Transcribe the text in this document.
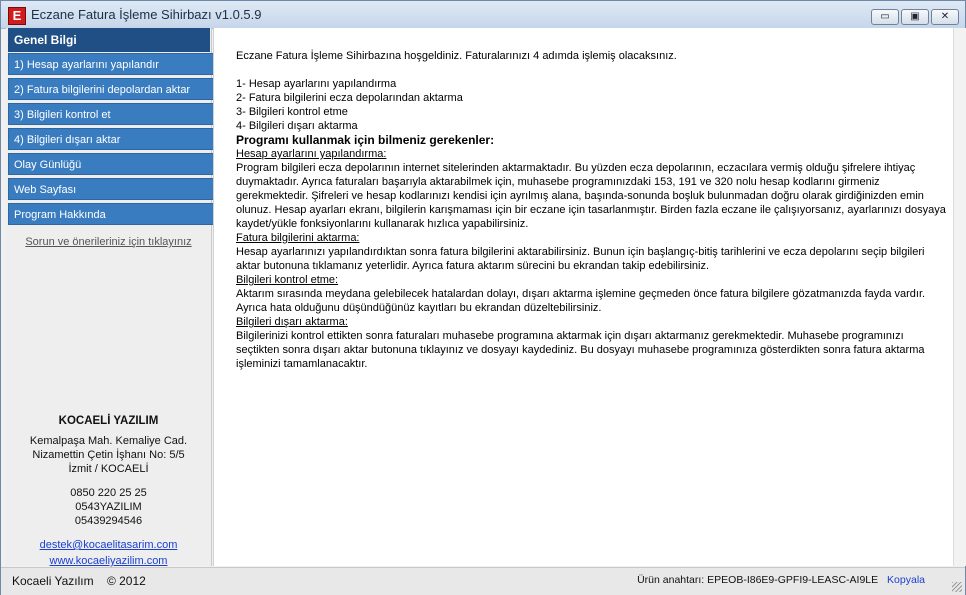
E Eczane Fatura İşleme Sihirbazı v1.0.5.9	▭	▣	✕
Genel Bilgi
1) Hesap ayarlarını yapılandır
2) Fatura bilgilerini depolardan aktar
3) Bilgileri kontrol et
4) Bilgileri dışarı aktar
Olay Günlüğü
Web Sayfası
Program Hakkında
Sorun ve önerileriniz için tıklayınız
KOCAELİ YAZILIM
Kemalpaşa Mah. Kemaliye Cad.
Nizamettin Çetin İşhanı No: 5/5
İzmit / KOCAELİ
0850 220 25 25
0543YAZILIM
05439294546
destek@kocaelitasarim.com
www.kocaeliyazilim.com

Eczane Fatura İşleme Sihirbazına hoşgeldiniz. Faturalarınızı 4 adımda işlemiş olacaksınız.

1- Hesap ayarlarını yapılandırma

2- Fatura bilgilerini ecza depolarından aktarma

3- Bilgileri kontrol etme

4- Bilgileri dışarı aktarma

Programı kullanmak için bilmeniz gerekenler:

Hesap ayarlarını yapılandırma:

Program bilgileri ecza depolarının internet sitelerinden aktarmaktadır. Bu yüzden ecza depolarının, eczacılara vermiş olduğu şifrelere ihtiyaç duymaktadır. Ayrıca faturaları başarıyla aktarabilmek için, muhasebe programınızdaki 153, 191 ve 320 nolu hesap kodlarını girmeniz gerekmektedir. Şifreleri ve hesap kodlarınızı kendisi için ayrılmış alana, başında-sonunda boşluk bulunmadan doğru olarak girdiğinizden emin olunuz. Hesap ayarları ekranı, bilgilerin karışmaması için bir eczane için tasarlanmıştır. Birden fazla eczane ile çalışıyorsanız, ayarlarınızı dosyaya kaydet/yükle fonksiyonlarını kullanarak hızlıca yapabilirsiniz.

Fatura bilgilerini aktarma:

Hesap ayarlarınızı yapılandırdıktan sonra fatura bilgilerini aktarabilirsiniz. Bunun için başlangıç-bitiş tarihlerini ve ecza depolarını seçip bilgileri aktar butonuna tıklamanız yeterlidir. Ayrıca fatura aktarım sürecini bu ekrandan takip edebilirsiniz.

Bilgileri kontrol etme:

Aktarım sırasında meydana gelebilecek hatalardan dolayı, dışarı aktarma işlemine geçmeden önce fatura bilgilere gözatmanızda fayda vardır. Ayrıca hata olduğunu düşündüğünüz kayıtları bu ekrandan düzeltebilirsiniz.

Bilgileri dışarı aktarma:

Bilgilerinizi kontrol ettikten sonra faturaları muhasebe programına aktarmak için dışarı aktarmanız gerekmektedir. Muhasebe programınızı seçtikten sonra dışarı aktar butonuna tıklayınız ve dosyayı kaydediniz. Bu dosyayı muhasebe programınıza gösterdikten sonra fatura aktarma işleminizi tamamlanacaktır.

Kocaeli Yazılım © 2012	Ürün anahtarı: EPEOB-I86E9-GPFI9-LEASC-AI9LE Kopyala
